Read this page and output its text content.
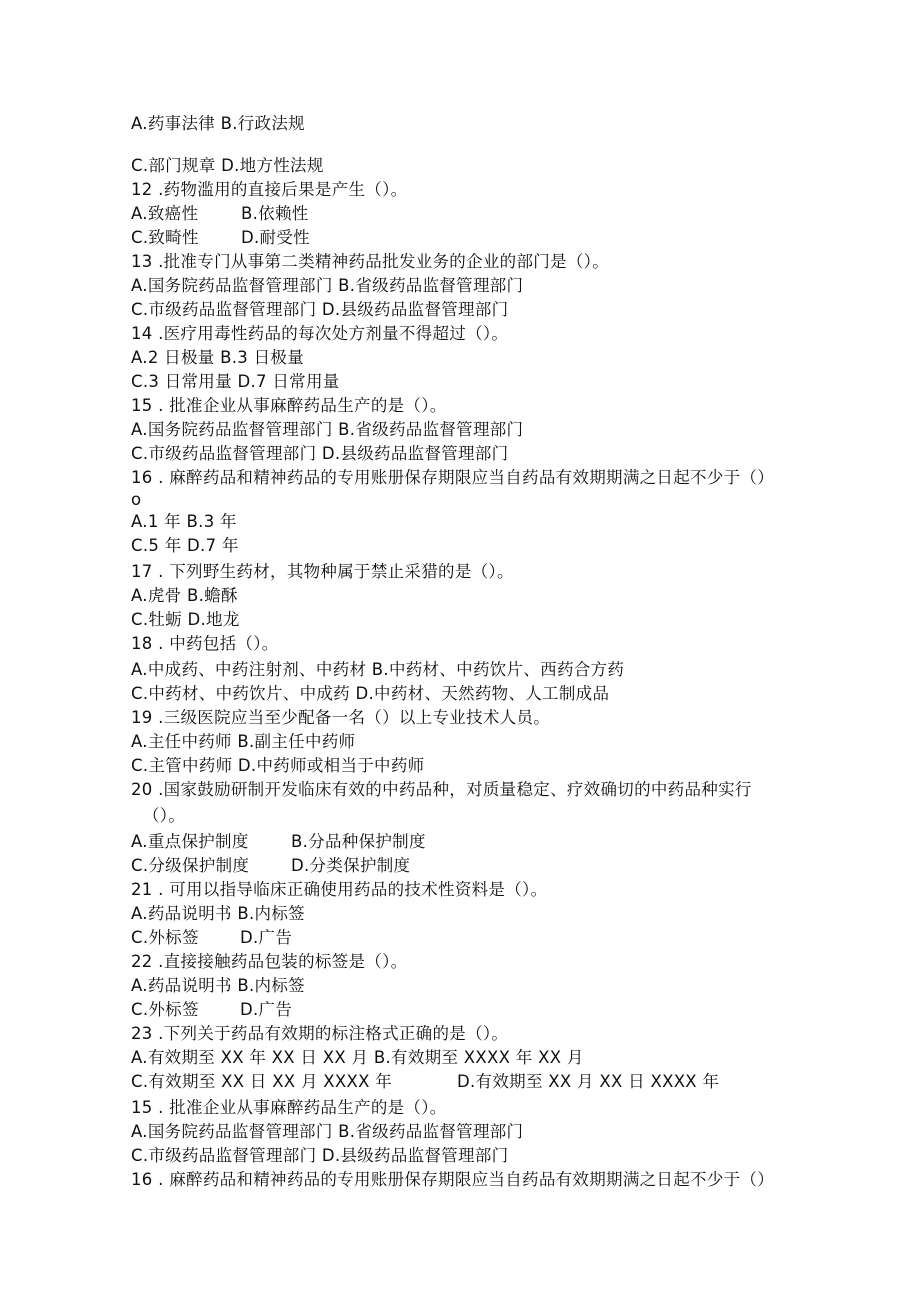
A.药事法律 B.行政法规
C.部门规章 D.地方性法规
12 .药物滥用的直接后果是产生（）。
A.致癌性	B.依赖性
C.致畸性	D.耐受性
13 .批准专门从事第二类精神药品批发业务的企业的部门是（）。
A.国务院药品监督管理部门 B.省级药品监督管理部门
C.市级药品监督管理部门 D.县级药品监督管理部门
14 .医疗用毒性药品的每次处方剂量不得超过（）。
A.2 日极量 B.3 日极量
C.3 日常用量 D.7 日常用量
15 . 批准企业从事麻醉药品生产的是（）。
A.国务院药品监督管理部门 B.省级药品监督管理部门
C.市级药品监督管理部门 D.县级药品监督管理部门
16 . 麻醉药品和精神药品的专用账册保存期限应当自药品有效期期满之日起不少于（）
o
A.1 年 B.3 年
C.5 年 D.7 年
17 . 下列野生药材，其物种属于禁止采猎的是（）。
A.虎骨 B.蟾酥
C.牡蛎 D.地龙
18 . 中药包括（）。
A.中成药、中药注射剂、中药材 B.中药材、中药饮片、西药合方药
C.中药材、中药饮片、中成药 D.中药材、天然药物、人工制成品
19 .三级医院应当至少配备一名（）以上专业技术人员。
A.主任中药师 B.副主任中药师
C.主管中药师 D.中药师或相当于中药师
20 .国家鼓励研制开发临床有效的中药品种，对质量稳定、疗效确切的中药品种实行
（）。
A.重点保护制度	B.分品种保护制度
C.分级保护制度	D.分类保护制度
21 . 可用以指导临床正确使用药品的技术性资料是（）。
A.药品说明书 B.内标签
C.外标签 D.广告
22 .直接接触药品包装的标签是（）。
A.药品说明书 B.内标签
C.外标签 D.广告
23 .下列关于药品有效期的标注格式正确的是（）。
A.有效期至 XX 年 XX 日 XX 月 B.有效期至 XXXX 年 XX 月
C.有效期至 XX 日 XX 月 XXXX 年	D.有效期至 XX 月 XX 日 XXXX 年
15 . 批准企业从事麻醉药品生产的是（）。
A.国务院药品监督管理部门 B.省级药品监督管理部门
C.市级药品监督管理部门 D.县级药品监督管理部门
16 . 麻醉药品和精神药品的专用账册保存期限应当自药品有效期期满之日起不少于（）
